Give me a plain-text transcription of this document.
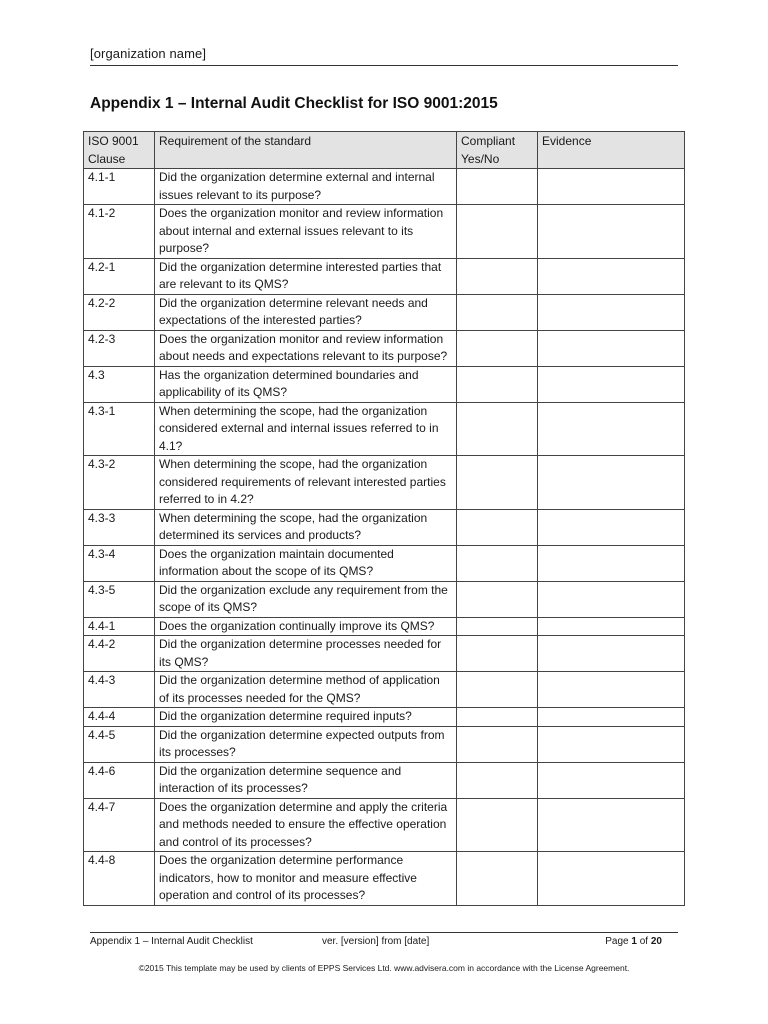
[organization name]
Appendix 1 – Internal Audit Checklist for ISO 9001:2015
ISO 9001 Clause	Requirement of the standard	Compliant Yes/No	Evidence
4.1-1	Did the organization determine external and internal issues relevant to its purpose?		
4.1-2	Does the organization monitor and review information about internal and external issues relevant to its purpose?		
4.2-1	Did the organization determine interested parties that are relevant to its QMS?		
4.2-2	Did the organization determine relevant needs and expectations of the interested parties?		
4.2-3	Does the organization monitor and review information about needs and expectations relevant to its purpose?		
4.3	Has the organization determined boundaries and applicability of its QMS?		
4.3-1	When determining the scope, had the organization considered external and internal issues referred to in 4.1?		
4.3-2	When determining the scope, had the organization considered requirements of relevant interested parties referred to in 4.2?		
4.3-3	When determining the scope, had the organization determined its services and products?		
4.3-4	Does the organization maintain documented information about the scope of its QMS?		
4.3-5	Did the organization exclude any requirement from the scope of its QMS?		
4.4-1	Does the organization continually improve its QMS?		
4.4-2	Did the organization determine processes needed for its QMS?		
4.4-3	Did the organization determine method of application of its processes needed for the QMS?		
4.4-4	Did the organization determine required inputs?		
4.4-5	Did the organization determine expected outputs from its processes?		
4.4-6	Did the organization determine sequence and interaction of its processes?		
4.4-7	Does the organization determine and apply the criteria and methods needed to ensure the effective operation and control of its processes?		
4.4-8	Does the organization determine performance indicators, how to monitor and measure effective operation and control of its processes?		
Appendix 1 – Internal Audit Checklist	ver. [version] from [date]	Page 1 of 20
©2015 This template may be used by clients of EPPS Services Ltd. www.advisera.com in accordance with the License Agreement.
